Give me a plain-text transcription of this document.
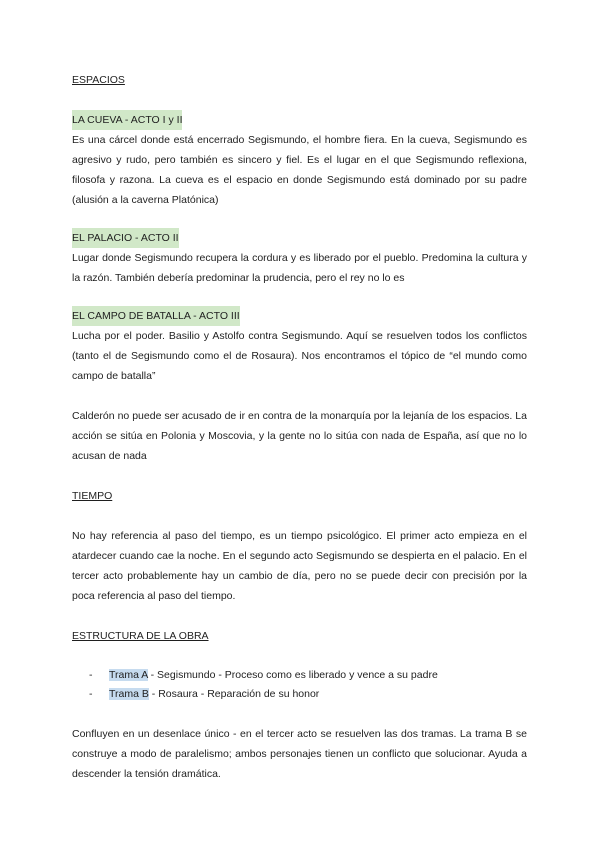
ESPACIOS
LA CUEVA - ACTO I y II

Es una cárcel donde está encerrado Segismundo, el hombre fiera. En la cueva, Segismundo es agresivo y rudo, pero también es sincero y fiel. Es el lugar en el que Segismundo reflexiona, filosofa y razona. La cueva es el espacio en donde Segismundo está dominado por su padre (alusión a la caverna Platónica)

EL PALACIO - ACTO II

Lugar donde Segismundo recupera la cordura y es liberado por el pueblo. Predomina la cultura y la razón. También debería predominar la prudencia, pero el rey no lo es

EL CAMPO DE BATALLA - ACTO III

Lucha por el poder. Basilio y Astolfo contra Segismundo. Aquí se resuelven todos los conflictos (tanto el de Segismundo como el de Rosaura). Nos encontramos el tópico de “el mundo como campo de batalla”

Calderón no puede ser acusado de ir en contra de la monarquía por la lejanía de los espacios. La acción se sitúa en Polonia y Moscovia, y la gente no lo sitúa con nada de España, así que no lo acusan de nada

TIEMPO

No hay referencia al paso del tiempo, es un tiempo psicológico. El primer acto empieza en el atardecer cuando cae la noche. En el segundo acto Segismundo se despierta en el palacio. En el tercer acto probablemente hay un cambio de día, pero no se puede decir con precisión por la poca referencia al paso del tiempo.

ESTRUCTURA DE LA OBRA
- Trama A - Segismundo - Proceso como es liberado y vence a su padre
- Trama B - Rosaura - Reparación de su honor

Confluyen en un desenlace único - en el tercer acto se resuelven las dos tramas. La trama B se construye a modo de paralelismo; ambos personajes tienen un conflicto que solucionar. Ayuda a descender la tensión dramática.
